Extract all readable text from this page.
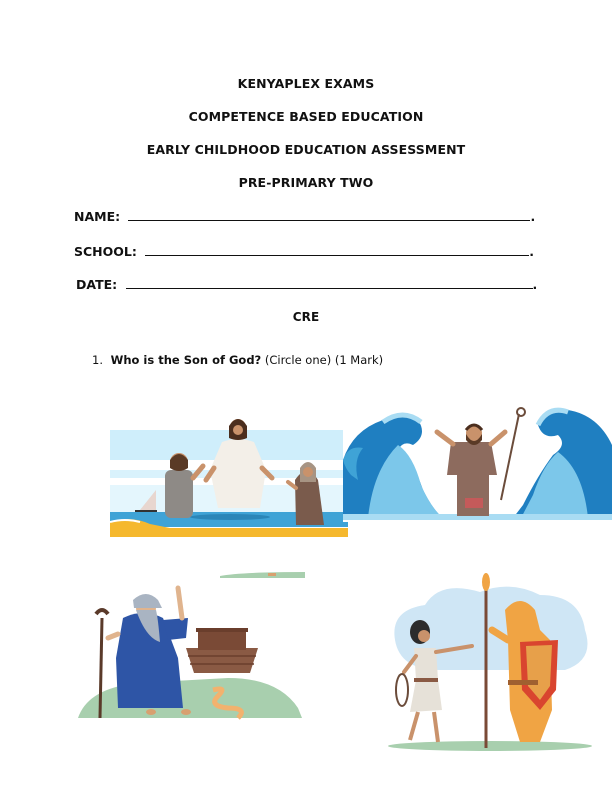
KENYAPLEX EXAMS
COMPETENCE BASED EDUCATION
EARLY CHILDHOOD EDUCATION ASSESSMENT
PRE-PRIMARY TWO
NAME:	.
SCHOOL:	.
DATE:	.
CRE
1. Who is the Son of God? (Circle one) (1 Mark)
